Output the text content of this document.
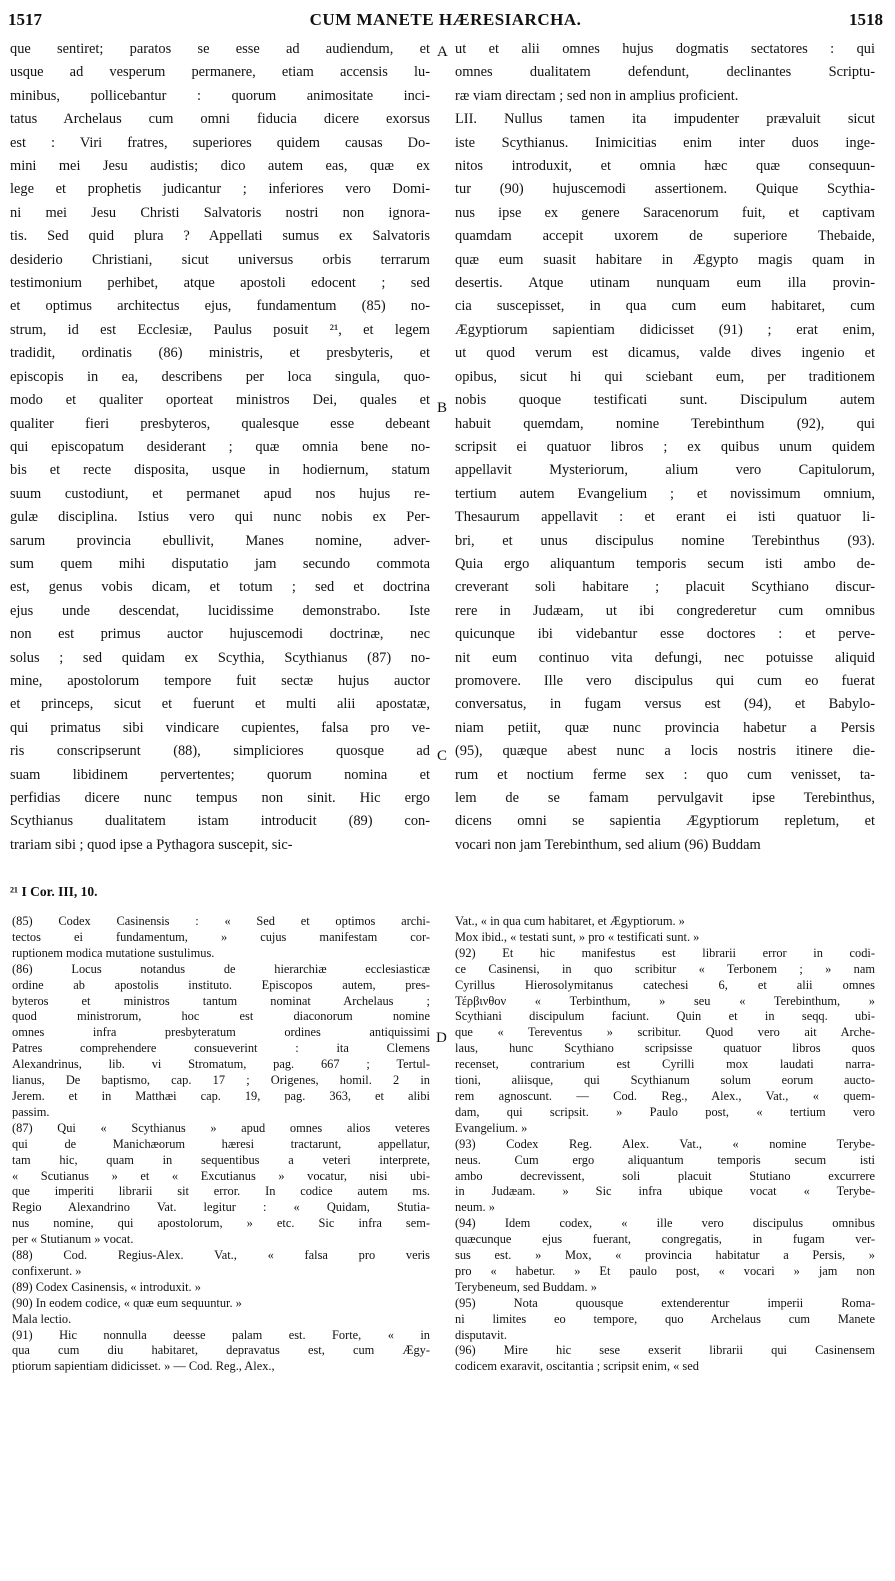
1517	CUM MANETE HÆRESIARCHA.	1518
que sentiret; paratos se esse ad audiendum, et
usque ad vesperum permanere, etiam accensis lu-
minibus, pollicebantur : quorum animositate inci-
tatus Archelaus cum omni fiducia dicere exorsus
est : Viri fratres, superiores quidem causas Do-
mini mei Jesu audistis; dico autem eas, quæ ex
lege et prophetis judicantur ; inferiores vero Domi-
ni mei Jesu Christi Salvatoris nostri non ignora-
tis. Sed quid plura ? Appellati sumus ex Salvatoris
desiderio Christiani, sicut universus orbis terrarum
testimonium perhibet, atque apostoli edocent ; sed
et optimus architectus ejus, fundamentum (85) no-
strum, id est Ecclesiæ, Paulus posuit ²¹, et legem
tradidit, ordinatis (86) ministris, et presbyteris, et
episcopis in ea, describens per loca singula, quo-
modo et qualiter oporteat ministros Dei, quales et
qualiter fieri presbyteros, qualesque esse debeant
qui episcopatum desiderant ; quæ omnia bene no-
bis et recte disposita, usque in hodiernum, statum
suum custodiunt, et permanet apud nos hujus re-
gulæ disciplina. Istius vero qui nunc nobis ex Per-
sarum provincia ebullivit, Manes nomine, adver-
sum quem mihi disputatio jam secundo commota
est, genus vobis dicam, et totum ; sed et doctrina
ejus unde descendat, lucidissime demonstrabo. Iste
non est primus auctor hujuscemodi doctrinæ, nec
solus ; sed quidam ex Scythia, Scythianus (87) no-
mine, apostolorum tempore fuit sectæ hujus auctor
et princeps, sicut et fuerunt et multi alii apostatæ,
qui primatus sibi vindicare cupientes, falsa pro ve-
ris conscripserunt (88), simpliciores quosque ad
suam libidinem pervertentes; quorum nomina et
perfidias dicere nunc tempus non sinit. Hic ergo
Scythianus dualitatem istam introducit (89) con-
trariam sibi ; quod ipse a Pythagora suscepit, sic-
ut et alii omnes hujus dogmatis sectatores : qui
omnes dualitatem defendunt, declinantes Scriptu-
ræ viam directam ; sed non in amplius proficient.
LII. Nullus tamen ita impudenter prævaluit sicut
iste Scythianus. Inimicitias enim inter duos inge-
nitos introduxit, et omnia hæc quæ consequun-
tur (90) hujuscemodi assertionem. Quique Scythia-
nus ipse ex genere Saracenorum fuit, et captivam
quamdam accepit uxorem de superiore Thebaide,
quæ eum suasit habitare in Ægypto magis quam in
desertis. Atque utinam nunquam eum illa provin-
cia suscepisset, in qua cum eum habitaret, cum
Ægyptiorum sapientiam didicisset (91) ; erat enim,
ut quod verum est dicamus, valde dives ingenio et
opibus, sicut hi qui sciebant eum, per traditionem
nobis quoque testificati sunt. Discipulum autem
habuit quemdam, nomine Terebinthum (92), qui
scripsit ei quatuor libros ; ex quibus unum quidem
appellavit Mysteriorum, alium vero Capitulorum,
tertium autem Evangelium ; et novissimum omnium,
Thesaurum appellavit : et erant ei isti quatuor li-
bri, et unus discipulus nomine Terebinthus (93).
Quia ergo aliquantum temporis secum isti ambo de-
creverant soli habitare ; placuit Scythiano discur-
rere in Judæam, ut ibi congrederetur cum omnibus
quicunque ibi videbantur esse doctores : et perve-
nit eum continuo vita defungi, nec potuisse aliquid
promovere. Ille vero discipulus qui cum eo fuerat
conversatus, in fugam versus est (94), et Babylo-
niam petiit, quæ nunc provincia habetur a Persis
(95), quæque abest nunc a locis nostris itinere die-
rum et noctium ferme sex : quo cum venisset, ta-
lem de se famam pervulgavit ipse Terebinthus,
dicens omni se sapientia Ægyptiorum repletum, et
vocari non jam Terebinthum, sed alium (96) Buddam
A
B
C
D
²¹ I Cor. III, 10.
(85) Codex Casinensis : « Sed et optimos archi-
tectos ei fundamentum, » cujus manifestam cor-
ruptionem modica mutatione sustulimus.
(86) Locus notandus de hierarchiæ ecclesiasticæ
ordine ab apostolis instituto. Episcopos autem, pres-
byteros et ministros tantum nominat Archelaus ;
quod ministrorum, hoc est diaconorum nomine
omnes infra presbyteratum ordines antiquissimi
Patres comprehendere consueverint : ita Clemens
Alexandrinus, lib. vi Stromatum, pag. 667 ; Tertul-
lianus, De baptismo, cap. 17 ; Origenes, homil. 2 in
Jerem. et in Matthæi cap. 19, pag. 363, et alibi
passim.
(87) Qui « Scythianus » apud omnes alios veteres
qui de Manichæorum hæresi tractarunt, appellatur,
tam hic, quam in sequentibus a veteri interprete,
« Scutianus » et « Excutianus » vocatur, nisi ubi-
que imperiti librarii sit error. In codice autem ms.
Regio Alexandrino Vat. legitur : « Quidam, Stutia-
nus nomine, qui apostolorum, » etc. Sic infra sem-
per « Stutianum » vocat.
(88) Cod. Regius-Alex. Vat., « falsa pro veris
confixerunt. »
(89) Codex Casinensis, « introduxit. »
(90) In eodem codice, « quæ eum sequuntur. »
Mala lectio.
(91) Hic nonnulla deesse palam est. Forte, « in
qua cum diu habitaret, depravatus est, cum Ægy-
ptiorum sapientiam didicisset. » — Cod. Reg., Alex.,
Vat., « in qua cum habitaret, et Ægyptiorum. »
Mox ibid., « testati sunt, » pro « testificati sunt. »
(92) Et hic manifestus est librarii error in codi-
ce Casinensi, in quo scribitur « Terbonem ; » nam
Cyrillus Hierosolymitanus catechesi 6, et alii omnes
Τέρβινθον « Terbinthum, » seu « Terebinthum, »
Scythiani discipulum faciunt. Quin et in seqq. ubi-
que « Tereventus » scribitur. Quod vero ait Arche-
laus, hunc Scythiano scripsisse quatuor libros quos
recenset, contrarium est Cyrilli mox laudati narra-
tioni, aliisque, qui Scythianum solum eorum aucto-
rem agnoscunt. — Cod. Reg., Alex., Vat., « quem-
dam, qui scripsit. » Paulo post, « tertium vero
Evangelium. »
(93) Codex Reg. Alex. Vat., « nomine Terybe-
neus. Cum ergo aliquantum temporis secum isti
ambo decrevissent, soli placuit Stutiano excurrere
in Judæam. » Sic infra ubique vocat « Terybe-
neum. »
(94) Idem codex, « ille vero discipulus omnibus
quæcunque ejus fuerant, congregatis, in fugam ver-
sus est. » Mox, « provincia habitatur a Persis, »
pro « habetur. » Et paulo post, « vocari » jam non
Terybeneum, sed Buddam. »
(95) Nota quousque extenderentur imperii Roma-
ni limites eo tempore, quo Archelaus cum Manete
disputavit.
(96) Mire hic sese exserit librarii qui Casinensem
codicem exaravit, oscitantia ; scripsit enim, « sed
